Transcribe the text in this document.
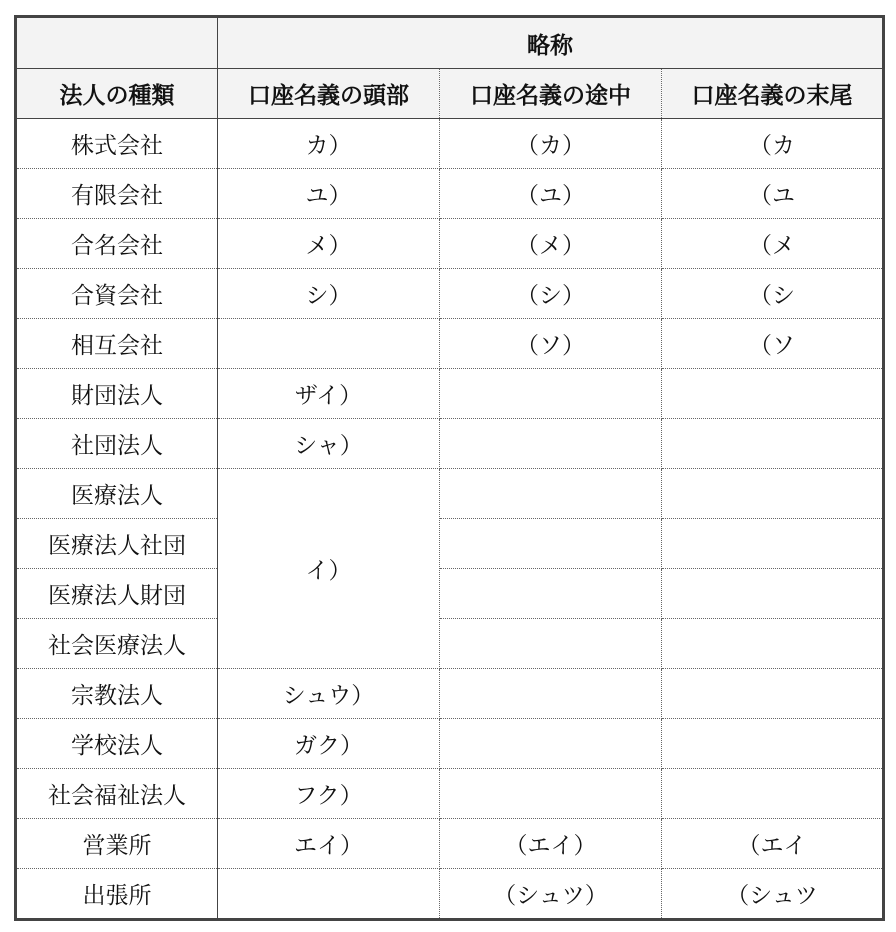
	略称		
法人の種類	口座名義の頭部	口座名義の途中	口座名義の末尾
株式会社	カ）	（カ）	（カ
有限会社	ユ）	（ユ）	（ユ
合名会社	メ）	（メ）	（メ
合資会社	シ）	（シ）	（シ
相互会社		（ソ）	（ソ
財団法人	ザイ）		
社団法人	シャ）		
医療法人	イ）		
医療法人社団			
医療法人財団			
社会医療法人			
宗教法人	シュウ）		
学校法人	ガク）		
社会福祉法人	フク）		
営業所	エイ）	（エイ）	（エイ
出張所		（シュツ）	（シュツ
